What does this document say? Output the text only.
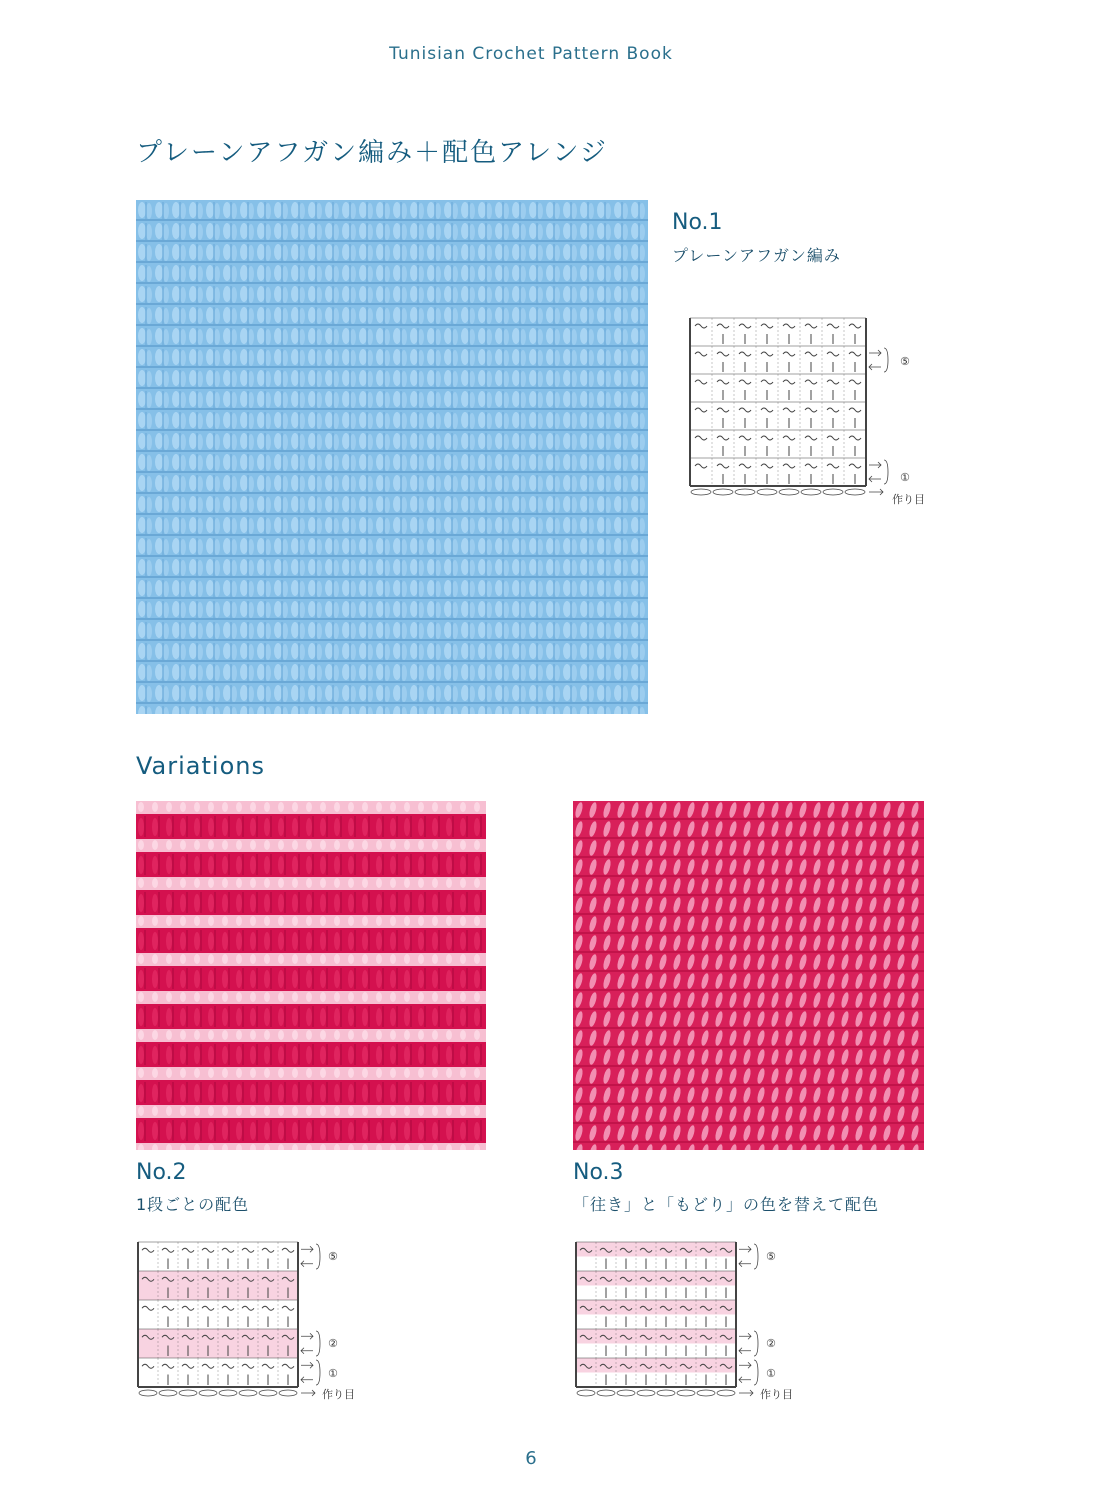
Tunisian Crochet Pattern Book
プレーンアフガン編み＋配色アレンジ
No.1
プレーンアフガン編み
⑤
①
作り目
Variations
No.2
1段ごとの配色
No.3
「往き」と「もどり」の色を替えて配色
⑤
②
①
作り目
⑤
②
①
作り目
6
